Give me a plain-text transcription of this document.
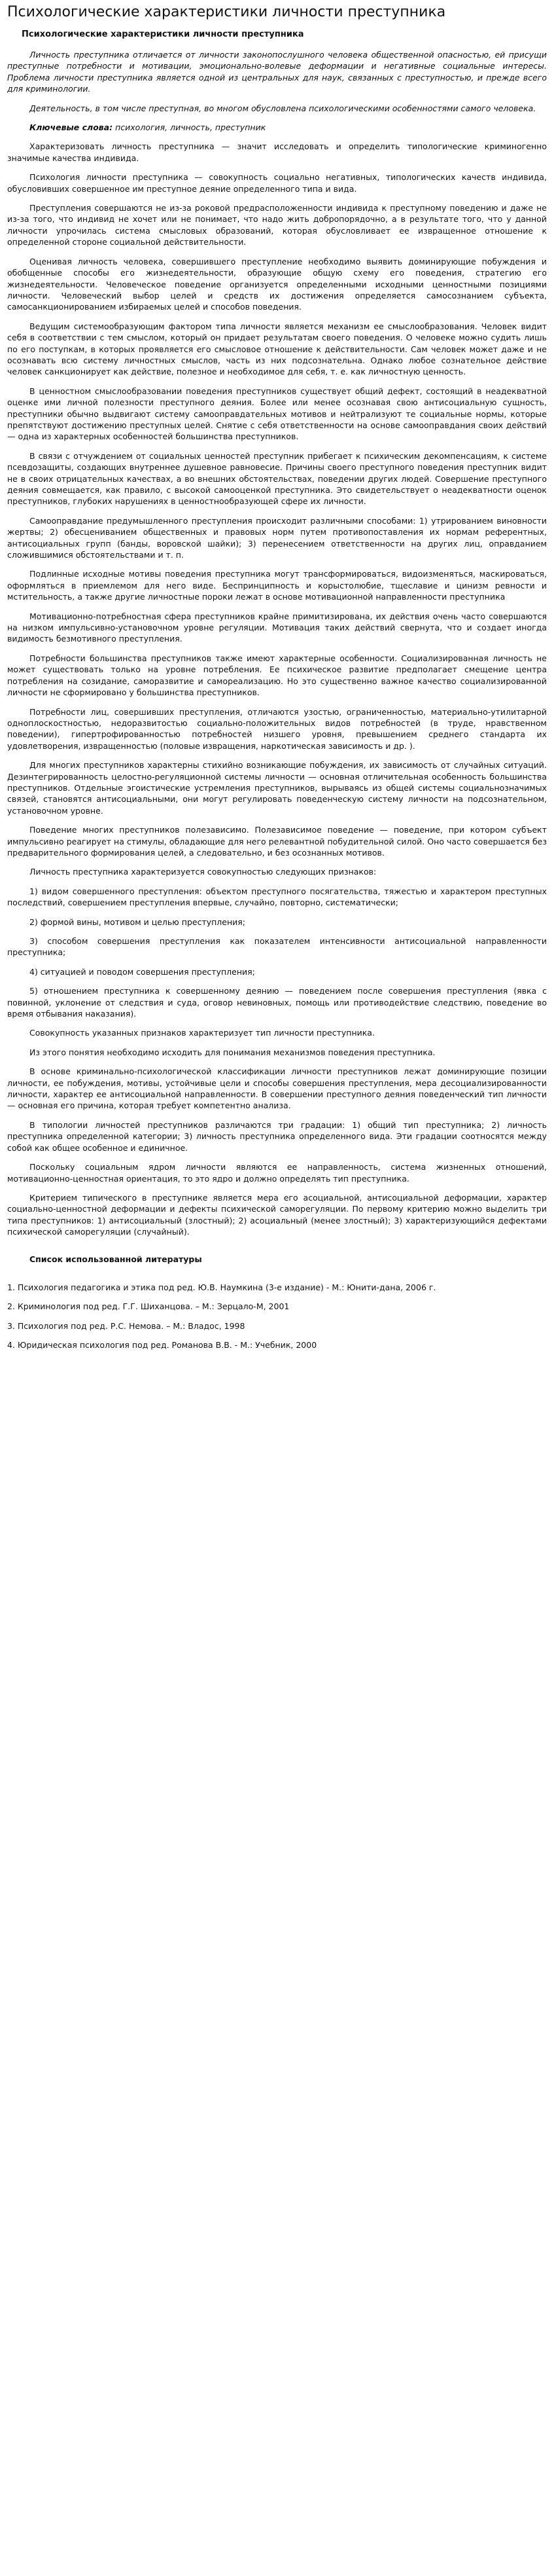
Психологические характеристики личности преступника
Психологические характеристики личности преступника

Личность преступника отличается от личности законопослушного человека общественной опасностью, ей присущи преступные потребности и мотивации, эмоционально-волевые деформации и негативные социальные интересы. Проблема личности преступника является одной из центральных для наук, связанных с преступностью, и прежде всего для криминологии.

Деятельность, в том числе преступная, во многом обусловлена психологическими особенностями самого человека.

Ключевые слова: психология, личность, преступник

Характеризовать личность преступника — значит исследовать и определить типологические криминогенно значимые качества индивида.

Психология личности преступника — совокупность социально негативных, типологических качеств индивида, обусловивших совершенное им преступное деяние определенного типа и вида.

Преступления совершаются не из-за роковой предрасположенности индивида к преступному поведению и даже не из-за того, что индивид не хочет или не понимает, что надо жить добропорядочно, а в результате того, что у данной личности упрочилась система смысловых образований, которая обусловливает ее извращенное отношение к определенной стороне социальной действительности.

Оценивая личность человека, совершившего преступление необходимо выявить доминирующие побуждения и обобщенные способы его жизнедеятельности, образующие общую схему его поведения, стратегию его жизнедеятельности. Человеческое поведение организуется определенными исходными ценностными позициями личности. Человеческий выбор целей и средств их достижения определяется самосознанием субъекта, самосанкционированием избираемых целей и способов поведения.

Ведущим системообразующим фактором типа личности является механизм ее смыслообразования. Человек видит себя в соответствии с тем смыслом, который он придает результатам своего поведения. О человеке можно судить лишь по его поступкам, в которых проявляется его смысловое отношение к действительности. Сам человек может даже и не осознавать всю систему личностных смыслов, часть из них подсознательна. Однако любое сознательное действие человек санкционирует как действие, полезное и необходимое для себя, т. е. как личностную ценность.

В ценностном смыслообразовании поведения преступников существует общий дефект, состоящий в неадекватной оценке ими личной полезности преступного деяния. Более или менее осознавая свою антисоциальную сущность, преступники обычно выдвигают систему самооправдательных мотивов и нейтрализуют те социальные нормы, которые препятствуют достижению преступных целей. Снятие с себя ответственности на основе самооправдания своих действий — одна из характерных особенностей большинства преступников.

В связи с отчуждением от социальных ценностей преступник прибегает к психическим декомпенсациям, к системе псевдозащиты, создающих внутреннее душевное равновесие. Причины своего преступного поведения преступник видит не в своих отрицательных качествах, а во внешних обстоятельствах, поведении других людей. Совершение преступного деяния совмещается, как правило, с высокой самооценкой преступника. Это свидетельствует о неадекватности оценок преступников, глубоких нарушениях в ценностнообразующей сфере их личности.

Самооправдание предумышленного преступления происходит различными способами: 1) утрированием виновности жертвы; 2) обесцениванием общественных и правовых норм путем противопоставления их нормам референтных, антисоциальных групп (банды, воровской шайки); 3) перенесением ответственности на других лиц, оправданием сложившимися обстоятельствами и т. п.

Подлинные исходные мотивы поведения преступника могут трансформироваться, видоизменяться, маскироваться, оформляться в приемлемом для него виде. Беспринципность и корыстолюбие, тщеславие и цинизм ревности и мстительность, а также другие личностные пороки лежат в основе мотивационной направленности преступника

Мотивационно-потребностная сфера преступников крайне примитизирована, их действия очень часто совершаются на низком импульсивно-установочном уровне регуляции. Мотивация таких действий свернута, что и создает иногда видимость безмотивного преступления.

Потребности большинства преступников также имеют характерные особенности. Социализированная личность не может существовать только на уровне потребления. Ее психическое развитие предполагает смещение центра потребления на созидание, саморазвитие и самореализацию. Но это существенно важное качество социализированной личности не сформировано у большинства преступников.

Потребности лиц, совершивших преступления, отличаются узостью, ограниченностью, материально-утилитарной одноплоскостностью, недоразвитостью социально-положительных видов потребностей (в труде, нравственном поведении), гипертрофированностью потребностей низшего уровня, превышением среднего стандарта их удовлетворения, извращенностью (половые извращения, наркотическая зависимость и др. ).

Для многих преступников характерны стихийно возникающие побуждения, их зависимость от случайных ситуаций. Дезинтегрированность целостно-регуляционной системы личности — основная отличительная особенность большинства преступников. Отдельные эгоистические устремления преступников, вырываясь из общей системы социальнозначимых связей, становятся антисоциальными, они могут регулировать поведенческую систему личности на подсознательном, установочном уровне.

Поведение многих преступников полезависимо. Полезависимое поведение — поведение, при котором субъект импульсивно реагирует на стимулы, обладающие для него релевантной побудительной силой. Оно часто совершается без предварительного формирования целей, а следовательно, и без осознанных мотивов.

Личность преступника характеризуется совокупностью следующих признаков:

1) видом совершенного преступления: объектом преступного посягательства, тяжестью и характером преступных последствий, совершением преступления впервые, случайно, повторно, систематически;

2) формой вины, мотивом и целью преступления;

3) способом совершения преступления как показателем интенсивности антисоциальной направленности преступника;

4) ситуацией и поводом совершения преступления;

5) отношением преступника к совершенному деянию — поведением после совершения преступления (явка с повинной, уклонение от следствия и суда, оговор невиновных, помощь или противодействие следствию, поведение во время отбывания наказания).

Совокупность указанных признаков характеризует тип личности преступника.

Из этого понятия необходимо исходить для понимания механизмов поведения преступника.

В основе криминально-психологической классификации личности преступников лежат доминирующие позиции личности, ее побуждения, мотивы, устойчивые цели и способы совершения преступления, мера десоциализированности личности, характер ее антисоциальной направленности. В совершении преступного деяния поведенческий тип личности — основная его причина, которая требует компетентно анализа.

В типологии личностей преступников различаются три градации: 1) общий тип преступника; 2) личность преступника определенной категории; 3) личность преступника определенного вида. Эти градации соотносятся между собой как общее особенное и единичное.

Поскольку социальным ядром личности являются ее направленность, система жизненных отношений, мотивационно-ценностная ориентация, то это ядро и должно определять тип преступника.

Критерием типического в преступнике является мера его асоциальной, антисоциальной деформации, характер социально-ценностной деформации и дефекты психической саморегуляции. По первому критерию можно выделить три типа преступников: 1) антисоциальный (злостный); 2) асоциальный (менее злостный); 3) характеризующийся дефектами психической саморегуляции (случайный).

Список использованной литературы
1. Психология педагогика и этика под ред. Ю.В. Наумкина (3-е издание) - М.: Юнити-дана, 2006 г.
2. Криминология под ред. Г.Г. Шиханцова. – М.: Зерцало-М, 2001
3. Психология под ред. Р.С. Немова. – М.: Владос, 1998
4. Юридическая психология под ред. Романова В.В. - М.: Учебник, 2000
